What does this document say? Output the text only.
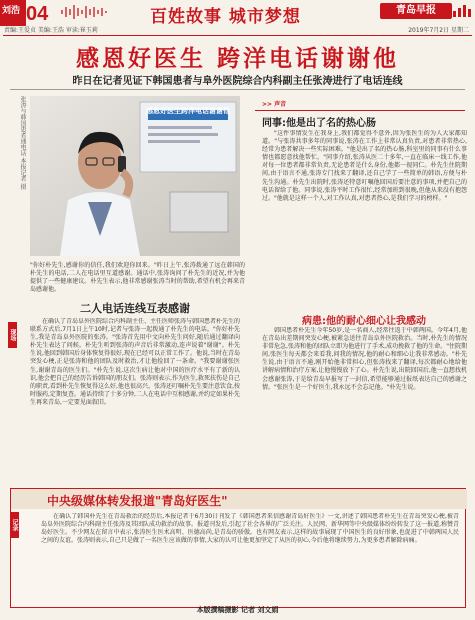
刘浩 04	百姓故事 城市梦想	青岛早报
责编:王爱贞 美编:王浩 审读:崔玉莉	2019年7月2日 星期二
感恩好医生 跨洋电话谢谢他
昨日在记者见证下韩国患者与阜外医院综合内科副主任张涛进行了电话连线
张涛与韩国患者通电话 本报记者 摄	感恩好医生跨洋电话谢谢他
"你好朴先生,感谢你的信任,我们欢迎你回来。"昨日上午,张涛拨通了远在韩国的朴先生的电话,二人在电话里互道感谢。通话中,张涛询问了朴先生的近况,并为他提供了一些健康建议。朴先生表示,他非常感谢张涛当时的帮助,希望有机会再来青岛感谢他。
现场
二人电话连线互表感谢

在确认了青岛阜外医院综合内科副主任、主任医师张涛与韩国患者朴先生的联系方式后,7月1日上午10时,记者与张涛一起拨通了朴先生的电话。"你好朴先生,我是青岛阜外医院的张涛。"张涛首先用中文向朴先生问好,随后通过翻译向朴先生表达了问候。朴先生听到张涛的声音后非常激动,连声说着"谢谢"。朴先生说,他回到韩国后身体恢复得很好,现在已经可以正常工作了。他说,当时在青岛突发心梗,正是张涛和他的团队及时救治,才让他捡回了一条命。"我要谢谢张医生,谢谢青岛的医生们。"朴先生说,这次生病让他对中国的医疗水平有了新的认识,他会把自己的经历告诉韩国的朋友们。张涛则表示,作为医生,救死扶伤是自己的职责,看到朴先生恢复得这么好,他也很高兴。张涛还叮嘱朴先生要注意饮食,按时服药,定期复查。通话持续了十多分钟,二人在电话中互相感谢,并约定如果朴先生再来青岛,一定要见面叙旧。

>> 声音
同事:他是出了名的热心肠

"这件事情发生在我身上,我们都觉得不意外,因为张医生的为人大家都知道。"与张涛共事多年的同事说,张涛在工作上非常认真负责,对患者非常热心,经常为患者解决一些实际困难。"他是出了名的热心肠,科室里的同事有什么事情也都愿意找他帮忙。"同事介绍,张涛从医二十多年,一直在临床一线工作,他对每一位患者都非常负责,无论患者是什么身份,他都一视同仁。朴先生住院期间,由于语言不通,张涛专门找来了翻译,还自己学了一些简单的韩语,方便与朴先生沟通。朴先生出院时,张涛还特意叮嘱他回国后要注意的事项,并把自己的电话留给了他。同事说,张涛平时工作很忙,经常加班到很晚,但他从来没有抱怨过。"他就是这样一个人,对工作认真,对患者热心,是我们学习的榜样。"

病患:他的耐心细心让我感动

韩国患者朴先生今年50岁,是一名商人,经常往返于中韩两国。今年4月,他在青岛出差期间突发心梗,被紧急送往青岛阜外医院救治。当时,朴先生的情况非常危急,张涛和他的团队立即为他进行了手术,成功挽救了他的生命。"住院期间,张医生每天都会来看我,问我的情况,他的耐心和细心让我非常感动。"朴先生说,由于语言不通,刚开始他非常担心,但张涛找来了翻译,每次都耐心地给他讲解病情和治疗方案,让他慢慢放下了心。朴先生说,出院回国后,他一直想找机会感谢张涛,于是给青岛早报写了一封信,希望能够通过报纸表达自己的感谢之情。"张医生是一个好医生,我永远不会忘记他。"朴先生说。

中央级媒体转发报道"青岛好医生"

在确认了韩国朴先生在青岛救治的经历后,本报记者于6月30日刊发了《韩国患者来信感谢青岛好医生》一文,讲述了韩国患者朴先生在青岛突发心梗,被青岛阜外医院综合内科副主任张涛及其团队成功救治的故事。报道刊发后,引起了社会各界的广泛关注。人民网、新华网等中央级媒体纷纷转发了这一报道,称赞青岛好医生。不少网友在留言中表示,张涛医生医术高明、医德高尚,是青岛的骄傲。也有网友表示,这样的故事展现了中国医生的良好形象,也促进了中韩两国人民之间的友谊。张涛则表示,自己只是做了一名医生应该做的事情,大家的认可让他更加坚定了从医的初心,今后他将继续努力,为更多患者解除病痛。

记录
本版撰稿摄影 记者 刘文娟
